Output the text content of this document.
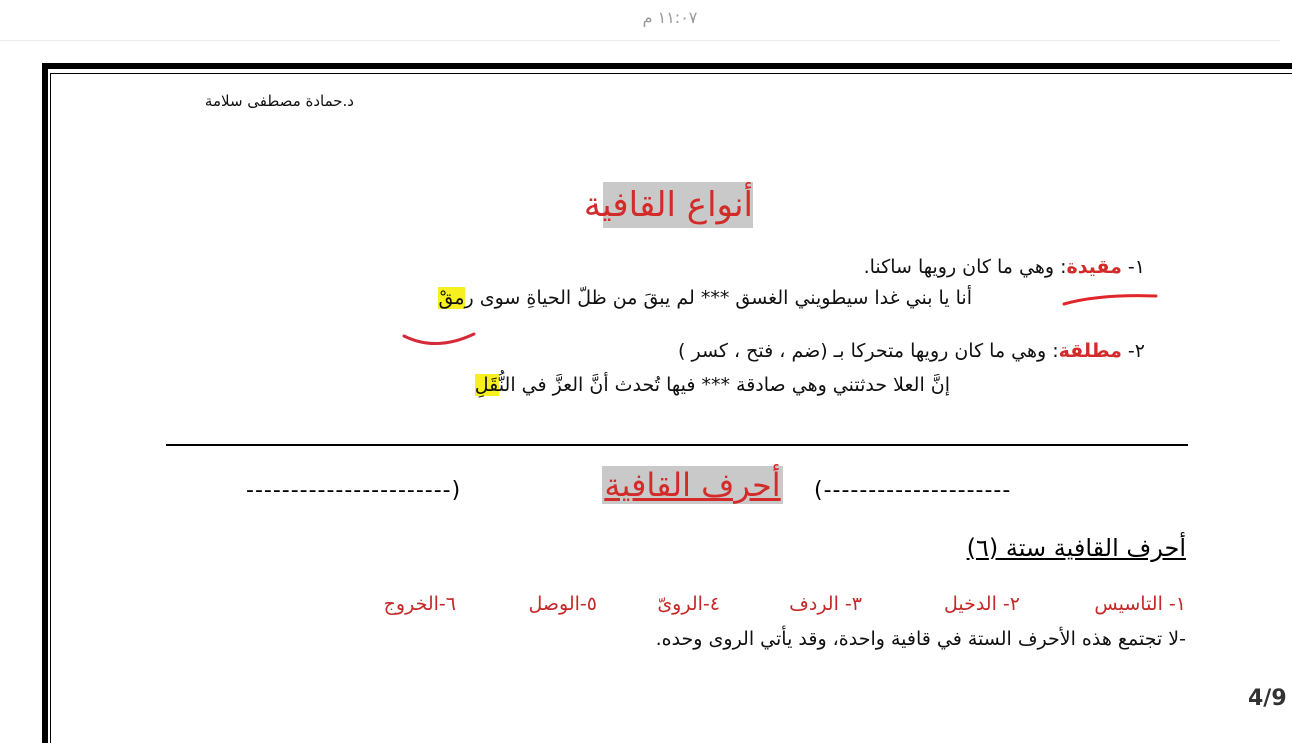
١١:٠٧ م
د.حمادة مصطفى سلامة
أنواع القافية
١- مقيدة: وهي ما كان رويها ساكنا.
أنا يا بني غدا سيطويني الغسق *** لم يبقَ من ظلّ الحياةِ سوى رمقْ
٢- مطلقة: وهي ما كان رويها متحركا بـ (ضم ، فتح ، كسر )
إنَّ العلا حدثتني وهي صادقة *** فيها تُحدث أنَّ العزَّ في النُّقَلِ
-----------------------)	أحرف القافية	(---------------------
أحرف القافية ستة (٦)
١- التاسيس
٢- الدخيل
٣- الردف
٤-الروىّ
٥-الوصل
٦-الخروج
-لا تجتمع هذه الأحرف الستة في قافية واحدة، وقد يأتي الروى وحده.
4/9
